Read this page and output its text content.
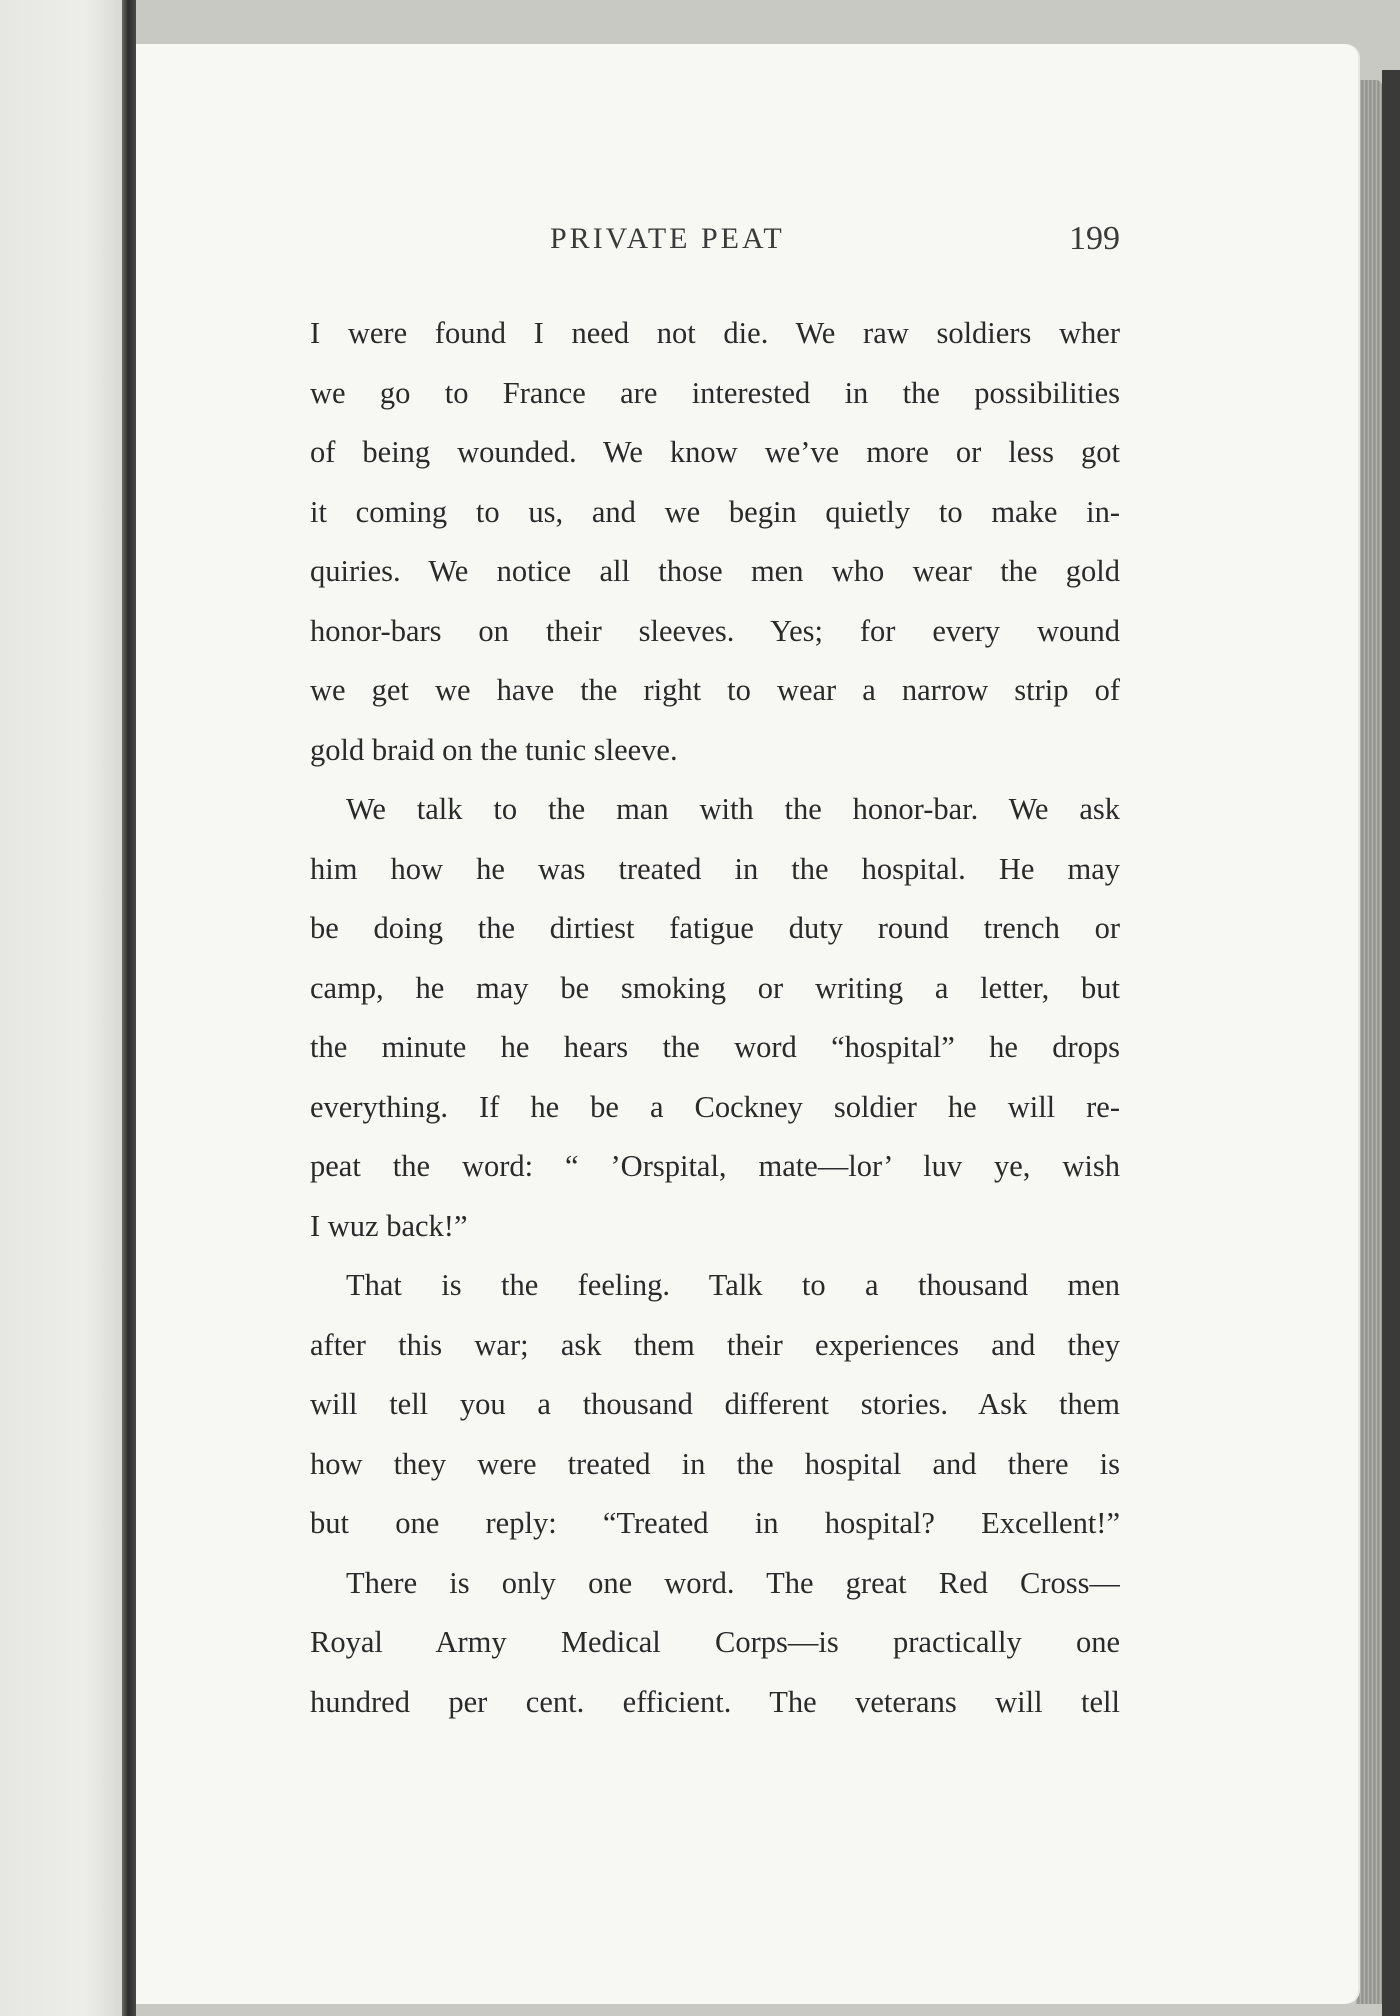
PRIVATE PEAT	199
I were found I need not die. We raw soldiers wher
we go to France are interested in the possibilities
of being wounded. We know we’ve more or less got
it coming to us, and we begin quietly to make in-
quiries. We notice all those men who wear the gold
honor-bars on their sleeves. Yes; for every wound
we get we have the right to wear a narrow strip of
gold braid on the tunic sleeve.
We talk to the man with the honor-bar. We ask
him how he was treated in the hospital. He may
be doing the dirtiest fatigue duty round trench or
camp, he may be smoking or writing a letter, but
the minute he hears the word “hospital” he drops
everything. If he be a Cockney soldier he will re-
peat the word: “ ’Orspital, mate—lor’ luv ye, wish
I wuz back!”
That is the feeling. Talk to a thousand men
after this war; ask them their experiences and they
will tell you a thousand different stories. Ask them
how they were treated in the hospital and there is
but one reply: “Treated in hospital? Excellent!”
There is only one word. The great Red Cross—
Royal Army Medical Corps—is practically one
hundred per cent. efficient. The veterans will tell
